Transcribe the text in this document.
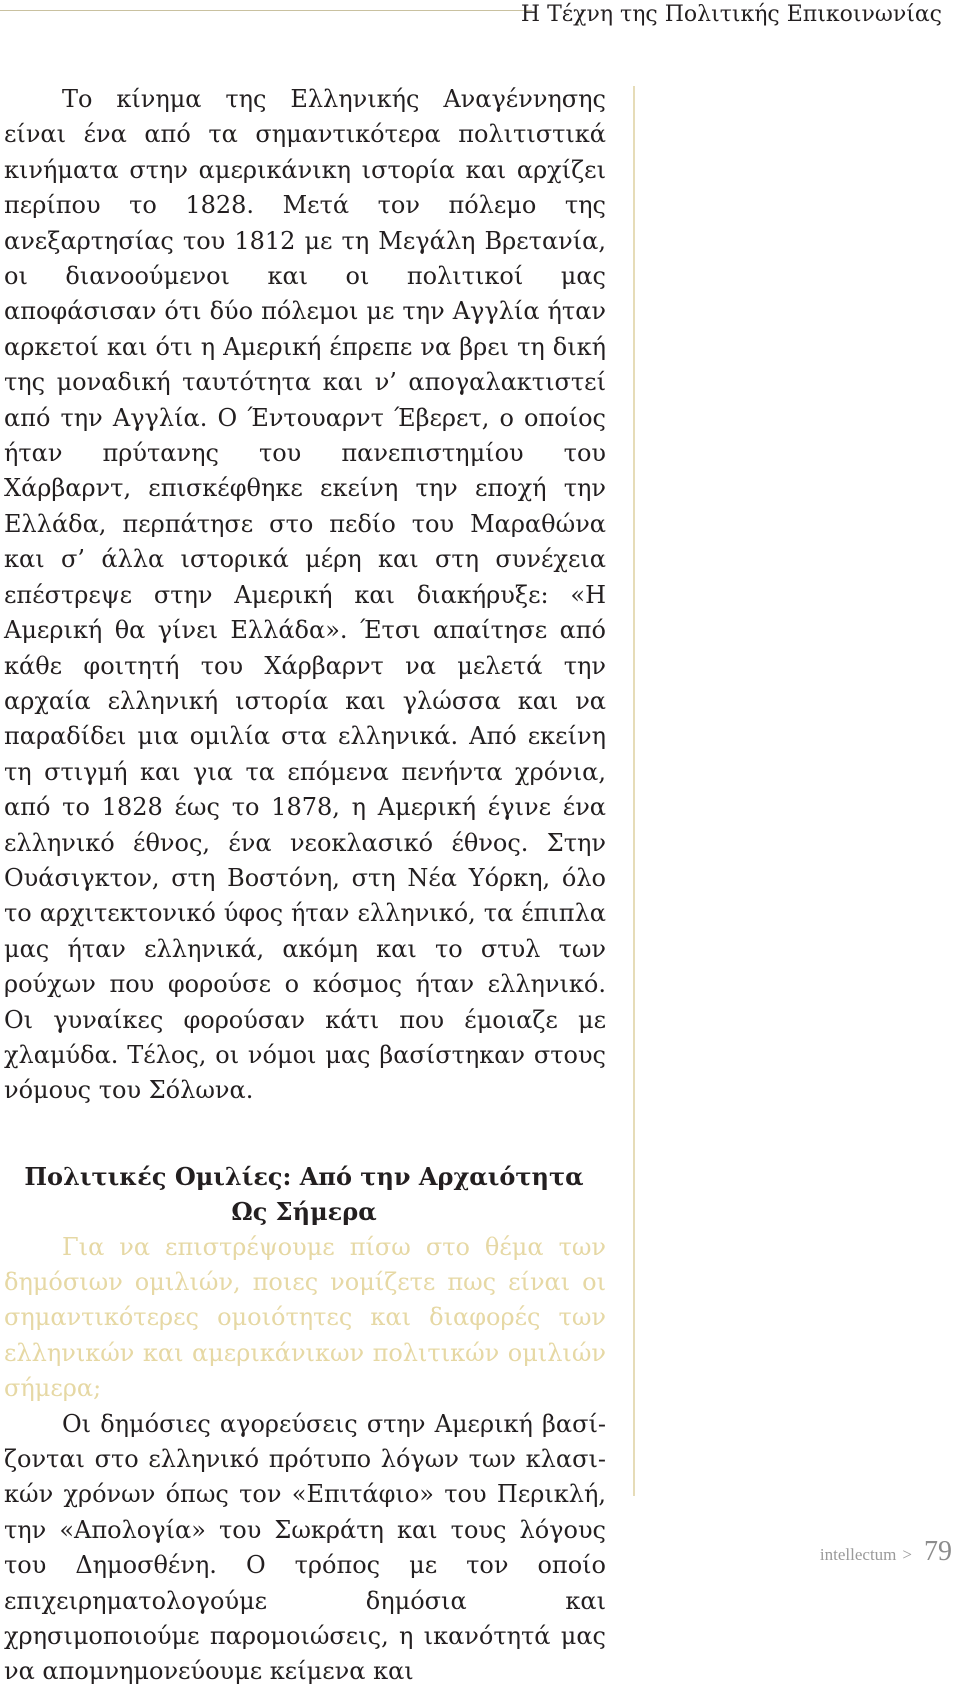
Η Τέχνη της Πολιτικής Επικοινωνίας

Το κίνημα της Ελληνικής Αναγέννησης είναι ένα από τα σημαντικότερα πολιτιστικά κινήματα στην αμερικάνικη ιστορία και αρχίζει περίπου το 1828. Μετά τον πόλεμο της ανεξαρτησίας του 1812 με τη Μεγάλη Βρετανία, οι διανοούμενοι και οι πολιτικοί μας αποφάσισαν ότι δύο πόλεμοι με την Αγγλία ήταν αρκετοί και ότι η Αμερική έπρεπε να βρει τη δική της μοναδική ταυτότητα και ν’ απογαλακτιστεί από την Αγγλία. Ο Έντουαρντ Έβερετ, ο οποίος ήταν πρύτανης του πανεπιστημίου του Χάρβαρντ, επισκέφθηκε εκείνη την εποχή την Ελλάδα, περπάτησε στο πεδίο του Μαραθώνα και σ’ άλλα ιστορικά μέρη και στη συνέχεια επέστρεψε στην Αμερική και διακήρυξε: «Η Αμερική θα γίνει Ελλάδα». Έτσι απαίτησε από κάθε φοιτητή του Χάρβαρντ να μελετά την αρχαία ελληνική ιστορία και γλώσσα και να παραδίδει μια ομιλία στα ελληνικά. Από εκείνη τη στιγμή και για τα επόμενα πενήντα χρόνια, από το 1828 έως το 1878, η Αμερική έγινε ένα ελληνικό έθνος, ένα νεοκλασικό έθνος. Στην Ουάσιγκτον, στη Βοστόνη, στη Νέα Υόρκη, όλο το αρχιτεκτονικό ύφος ήταν ελληνικό, τα έπιπλα μας ήταν ελληνικά, ακόμη και το στυλ των ρούχων που φορούσε ο κόσμος ήταν ελληνικό. Οι γυναίκες φορούσαν κάτι που έμοιαζε με χλαμύδα. Τέλος, οι νόμοι μας βασίστηκαν στους νόμους του Σόλωνα.

Πολιτικές Ομιλίες: Από την Αρχαιότητα
Ως Σήμερα

Για να επιστρέψουμε πίσω στο θέμα των δημόσιων ομιλιών, ποιες νομίζετε πως είναι οι σημαντικότερες ομοιότητες και διαφορές των ελληνικών και αμερικάνικων πολιτικών ομιλιών σήμερα;

Οι δημόσιες αγορεύσεις στην Αμερική βασίζονται στο ελληνικό πρότυπο λόγων των κλασικών χρόνων όπως τον «Επιτάφιο» του Περικλή, την «Απολογία» του Σωκράτη και τους λόγους του Δημοσθένη. Ο τρόπος με τον οποίο επιχειρηματολογούμε δημόσια και χρησιμοποιούμε παρομοιώσεις, η ικανότητά μας να απομνημονεύουμε κείμενα και

intellectum > 79
